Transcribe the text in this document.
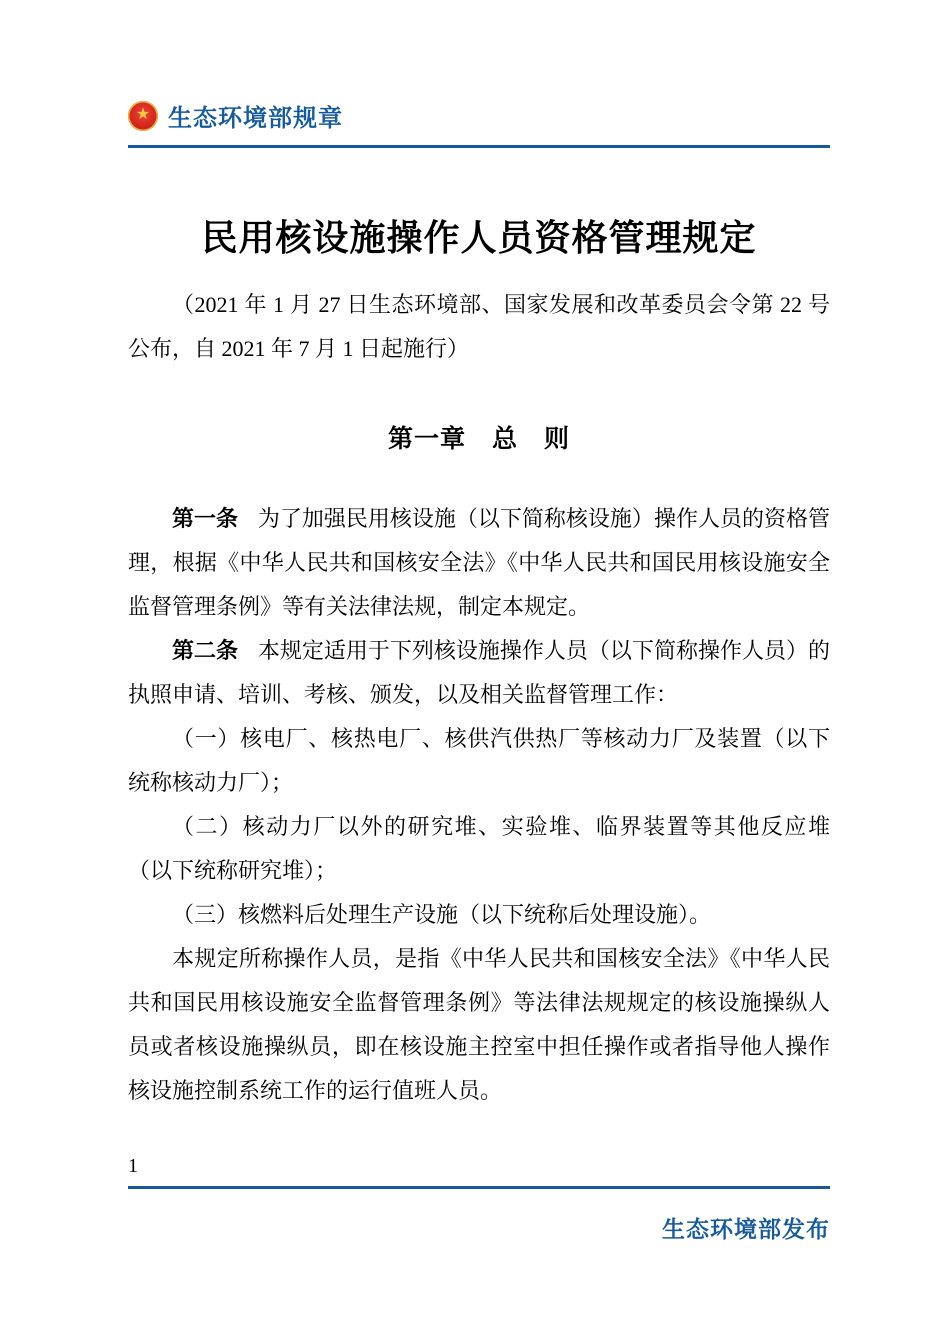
★ 生态环境部规章
民用核设施操作人员资格管理规定

（2021 年 1 月 27 日生态环境部、国家发展和改革委员会令第 22 号公布，自 2021 年 7 月 1 日起施行）

第一章　总　则

第一条 为了加强民用核设施（以下简称核设施）操作人员的资格管理，根据《中华人民共和国核安全法》《中华人民共和国民用核设施安全监督管理条例》等有关法律法规，制定本规定。

第二条 本规定适用于下列核设施操作人员（以下简称操作人员）的执照申请、培训、考核、颁发，以及相关监督管理工作：

（一）核电厂、核热电厂、核供汽供热厂等核动力厂及装置（以下统称核动力厂）；

（二）核动力厂以外的研究堆、实验堆、临界装置等其他反应堆（以下统称研究堆）；

（三）核燃料后处理生产设施（以下统称后处理设施）。

本规定所称操作人员，是指《中华人民共和国核安全法》《中华人民共和国民用核设施安全监督管理条例》等法律法规规定的核设施操纵人员或者核设施操纵员，即在核设施主控室中担任操作或者指导他人操作核设施控制系统工作的运行值班人员。

1
生态环境部发布
